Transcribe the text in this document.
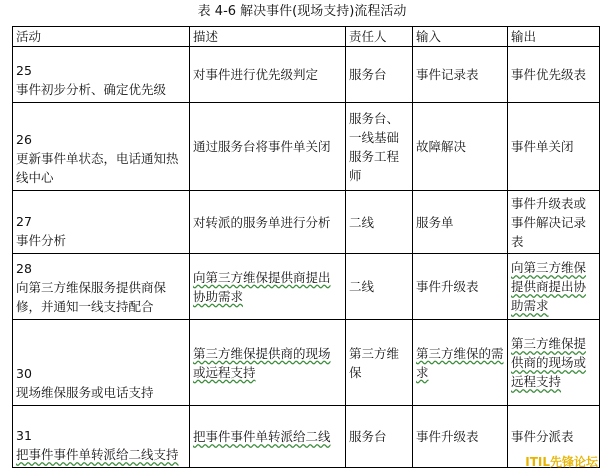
表 4-6 解决事件(现场支持)流程活动
活动	描述	责任人	输入	输出

25
事件初步分析、确定优先级	对事件进行优先级判定	服务台	事件记录表	事件优先级表

26
更新事件单状态，电话通知热线中心	通过服务台将事件单关闭	服务台、一线基础服务工程师	故障解决	事件单关闭

27
事件分析	对转派的服务单进行分析	二线	服务单	事件升级表或事件解决记录表

28
向第三方维保服务提供商保修，并通知一线支持配合	向第三方维保提供商提出协助需求	二线	事件升级表	向第三方维保提供商提出协助需求

30
现场维保服务或电话支持	第三方维保提供商的现场或远程支持	第三方维保	第三方维保的需求	第三方维保提供商的现场或远程支持

31
把事件事件单转派给二线支持	把事件事件单转派给二线	服务台	事件升级表	事件分派表
ITIL先锋论坛
